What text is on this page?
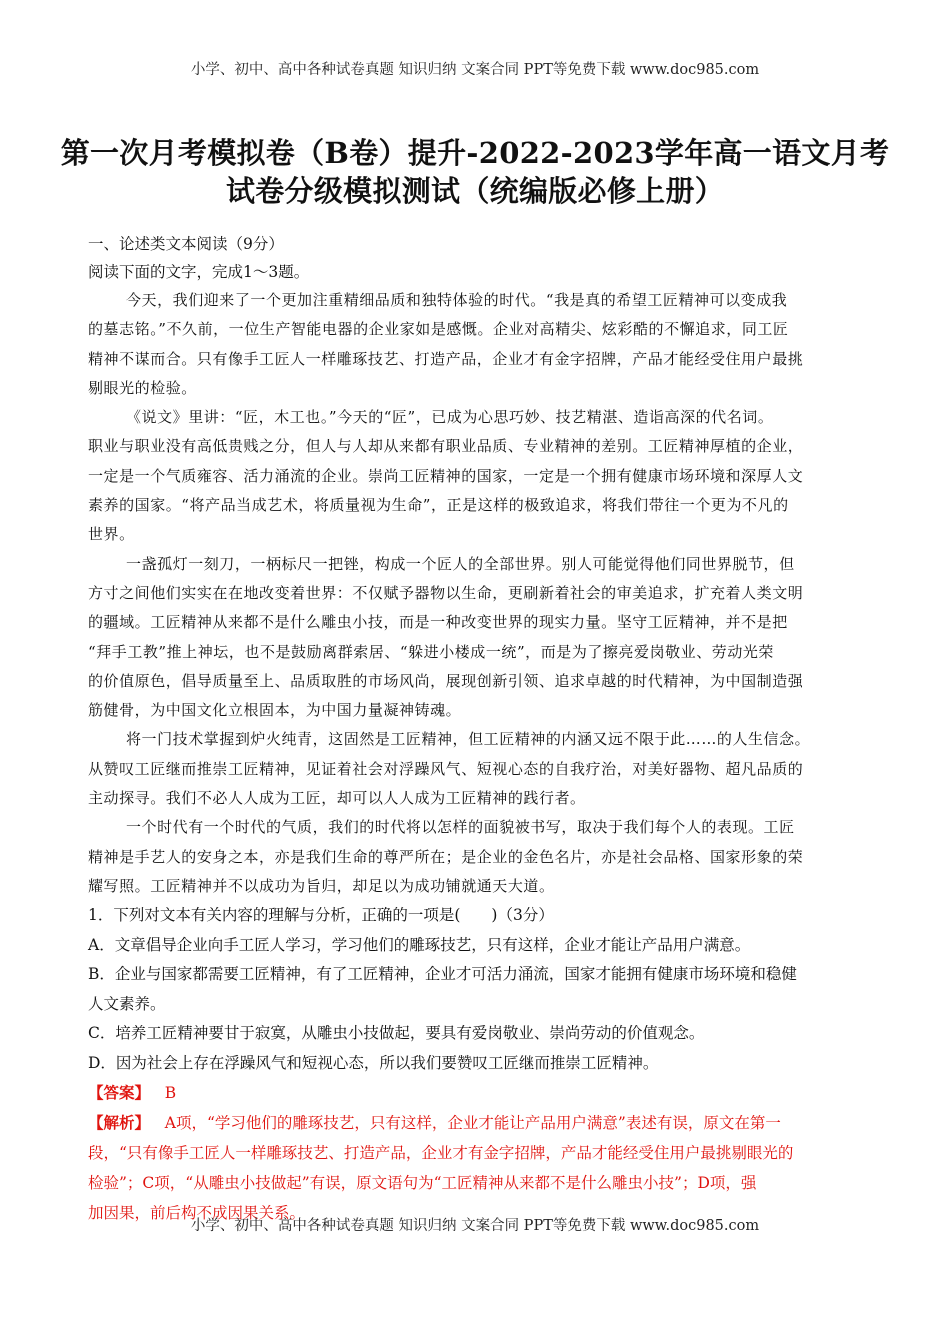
小学、初中、高中各种试卷真题 知识归纳 文案合同 PPT等免费下载 www.doc985.com
第一次月考模拟卷（B卷）提升-2022-2023学年高一语文月考
试卷分级模拟测试（统编版必修上册）
一、论述类文本阅读（9分）
阅读下面的文字，完成1～3题。
今天，我们迎来了一个更加注重精细品质和独特体验的时代。“我是真的希望工匠精神可以变成我
的墓志铭。”不久前，一位生产智能电器的企业家如是感慨。企业对高精尖、炫彩酷的不懈追求，同工匠
精神不谋而合。只有像手工匠人一样雕琢技艺、打造产品，企业才有金字招牌，产品才能经受住用户最挑
剔眼光的检验。
《说文》里讲：“匠，木工也。”今天的“匠”，已成为心思巧妙、技艺精湛、造诣高深的代名词。
职业与职业没有高低贵贱之分，但人与人却从来都有职业品质、专业精神的差别。工匠精神厚植的企业，
一定是一个气质雍容、活力涌流的企业。崇尚工匠精神的国家，一定是一个拥有健康市场环境和深厚人文
素养的国家。“将产品当成艺术，将质量视为生命”，正是这样的极致追求，将我们带往一个更为不凡的
世界。
一盏孤灯一刻刀，一柄标尺一把锉，构成一个匠人的全部世界。别人可能觉得他们同世界脱节，但
方寸之间他们实实在在地改变着世界：不仅赋予器物以生命，更刷新着社会的审美追求，扩充着人类文明
的疆域。工匠精神从来都不是什么雕虫小技，而是一种改变世界的现实力量。坚守工匠精神，并不是把
“拜手工教”推上神坛，也不是鼓励离群索居、“躲进小楼成一统”，而是为了擦亮爱岗敬业、劳动光荣
的价值原色，倡导质量至上、品质取胜的市场风尚，展现创新引领、追求卓越的时代精神，为中国制造强
筋健骨，为中国文化立根固本，为中国力量凝神铸魂。
将一门技术掌握到炉火纯青，这固然是工匠精神，但工匠精神的内涵又远不限于此……的人生信念。
从赞叹工匠继而推崇工匠精神，见证着社会对浮躁风气、短视心态的自我疗治，对美好器物、超凡品质的
主动探寻。我们不必人人成为工匠，却可以人人成为工匠精神的践行者。
一个时代有一个时代的气质，我们的时代将以怎样的面貌被书写，取决于我们每个人的表现。工匠
精神是手艺人的安身之本，亦是我们生命的尊严所在；是企业的金色名片，亦是社会品格、国家形象的荣
耀写照。工匠精神并不以成功为旨归，却足以为成功铺就通天大道。
1．下列对文本有关内容的理解与分析，正确的一项是(　　)（3分）
A．文章倡导企业向手工匠人学习，学习他们的雕琢技艺，只有这样，企业才能让产品用户满意。
B．企业与国家都需要工匠精神，有了工匠精神，企业才可活力涌流，国家才能拥有健康市场环境和稳健
人文素养。
C．培养工匠精神要甘于寂寞，从雕虫小技做起，要具有爱岗敬业、崇尚劳动的价值观念。
D．因为社会上存在浮躁风气和短视心态，所以我们要赞叹工匠继而推崇工匠精神。
【答案】 B
【解析】 A项，“学习他们的雕琢技艺，只有这样，企业才能让产品用户满意”表述有误，原文在第一
段，“只有像手工匠人一样雕琢技艺、打造产品，企业才有金字招牌，产品才能经受住用户最挑剔眼光的
检验”；C项，“从雕虫小技做起”有误，原文语句为“工匠精神从来都不是什么雕虫小技”；D项，强
加因果，前后构不成因果关系。
小学、初中、高中各种试卷真题 知识归纳 文案合同 PPT等免费下载 www.doc985.com
